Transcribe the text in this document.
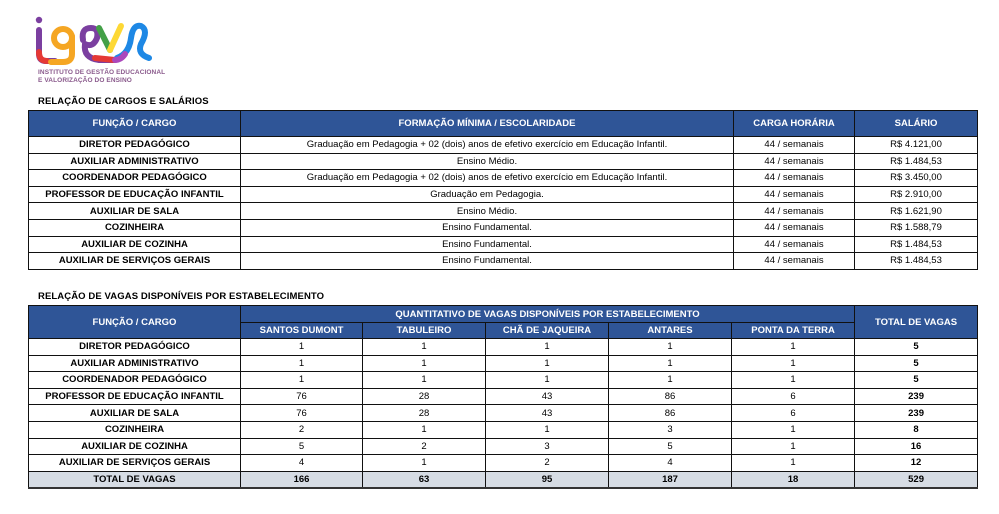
INSTITUTO DE GESTÃO EDUCACIONAL
E VALORIZAÇÃO DO ENSINO
RELAÇÃO DE CARGOS E SALÁRIOS
FUNÇÃO / CARGO	FORMAÇÃO MÍNIMA / ESCOLARIDADE	CARGA HORÁRIA	SALÁRIO
DIRETOR PEDAGÓGICO	Graduação em Pedagogia + 02 (dois) anos de efetivo exercício em Educação Infantil.	44 / semanais	R$ 4.121,00
AUXILIAR ADMINISTRATIVO	Ensino Médio.	44 / semanais	R$ 1.484,53
COORDENADOR PEDAGÓGICO	Graduação em Pedagogia + 02 (dois) anos de efetivo exercício em Educação Infantil.	44 / semanais	R$ 3.450,00
PROFESSOR DE EDUCAÇÃO INFANTIL	Graduação em Pedagogia.	44 / semanais	R$ 2.910,00
AUXILIAR DE SALA	Ensino Médio.	44 / semanais	R$ 1.621,90
COZINHEIRA	Ensino Fundamental.	44 / semanais	R$ 1.588,79
AUXILIAR DE COZINHA	Ensino Fundamental.	44 / semanais	R$ 1.484,53
AUXILIAR DE SERVIÇOS GERAIS	Ensino Fundamental.	44 / semanais	R$ 1.484,53
RELAÇÃO DE VAGAS DISPONÍVEIS POR ESTABELECIMENTO
FUNÇÃO / CARGO	QUANTITATIVO DE VAGAS DISPONÍVEIS POR ESTABELECIMENTO					TOTAL DE VAGAS
	SANTOS DUMONT	TABULEIRO	CHÃ DE JAQUEIRA	ANTARES	PONTA DA TERRA	
DIRETOR PEDAGÓGICO	1	1	1	1	1	5
AUXILIAR ADMINISTRATIVO	1	1	1	1	1	5
COORDENADOR PEDAGÓGICO	1	1	1	1	1	5
PROFESSOR DE EDUCAÇÃO INFANTIL	76	28	43	86	6	239
AUXILIAR DE SALA	76	28	43	86	6	239
COZINHEIRA	2	1	1	3	1	8
AUXILIAR DE COZINHA	5	2	3	5	1	16
AUXILIAR DE SERVIÇOS GERAIS	4	1	2	4	1	12
TOTAL DE VAGAS	166	63	95	187	18	529
